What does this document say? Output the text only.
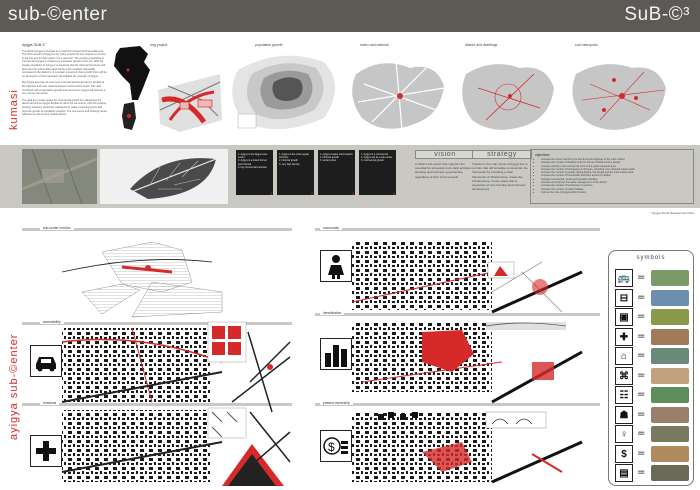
sub-©enter	SuB-©³
kumasi
ayigya sub-©enter
Ayigya 'SUB-©'

The district Ayigya in Kumasi is a mixed formal and informal settlement. The informal part of Ayigya is for many people the only chance to survive in the city and for that reason it is a reservoir. The growing population in Kumasi and Ayigya is creating an excessive growth of the city. With the steady population in Ayigya it is expected that the informal structures will grow and the surrounding land will be more crowded. Especially compared to the district's, to a certain moment in their growth there will be no absorption of informal which will stabilize the strength of Ayigya.

But Ayigya also has an enormous commercial strength and is located at the highway and main network between Accra and Kumasi. This well combined with a population growth and commerce, Ayigya will become a very strong sub-center.

The goal is to create space for commercial growth by redesigning the district around so Ayigya flexible for all of the commerce. Also the existing housing structure should be redesigned to make a housing sector and promote growth of population projects. The commerce and housing center will focus on the current market district.

ring project	population growth	main road network	district and dwellings	sub metropolis
1. Ayigya is the biggest sub-center
2. Ayigya is a mixed formal and informal
3. big commercial potential
1. Ayigya is the most regular structure
2. informal growth
3. very high density
1. Ayigya creates road network
2. informal growth
3. social center
1. Ayigya is a commercial
2. Ayigya can be a sub-center
3. commercial growth
1	2	3	4
vision
A vibrant sub-center that supports the potential for all people to do daily activities. Housing and business opportunities, regardless of their income levels.
strategy
Transform the main street of Ayigya into a corridor that will stimulate commercial, the framework for providing a clear framework of infrastructure, create the infrastructure, create space that is supportive of new housing and business development.
objectives
• Increase the street road from the Accra-Kumasi highway to the main market
• Increase the number of dwelling units for low and middle income people
• Increase activity in the commercial zone of the public transport area
• Increase the number of businesses of all types, providing more informal market stalls
• Increase the number of people visiting Ayigya, the Ayigya and the main market area
• Increase the number of households that have access to utilities
• Increase commercial, social and education facilities
• Increase and improve the waste management of the district
• Increase the number of businesses to services
• Increase the number of public facilities
• Improve the role of Ayigya within Kumasi
* Ayigya Zonal Development Plan
sub-center corridor
accessibility
functions
community
densification
phased ownership
$
symbols
🚌 =
⊟ =
▣ =
✚ =
⌂ =
⌘ =
☷ =
☗ =
♀ =
$	=
▤ =
